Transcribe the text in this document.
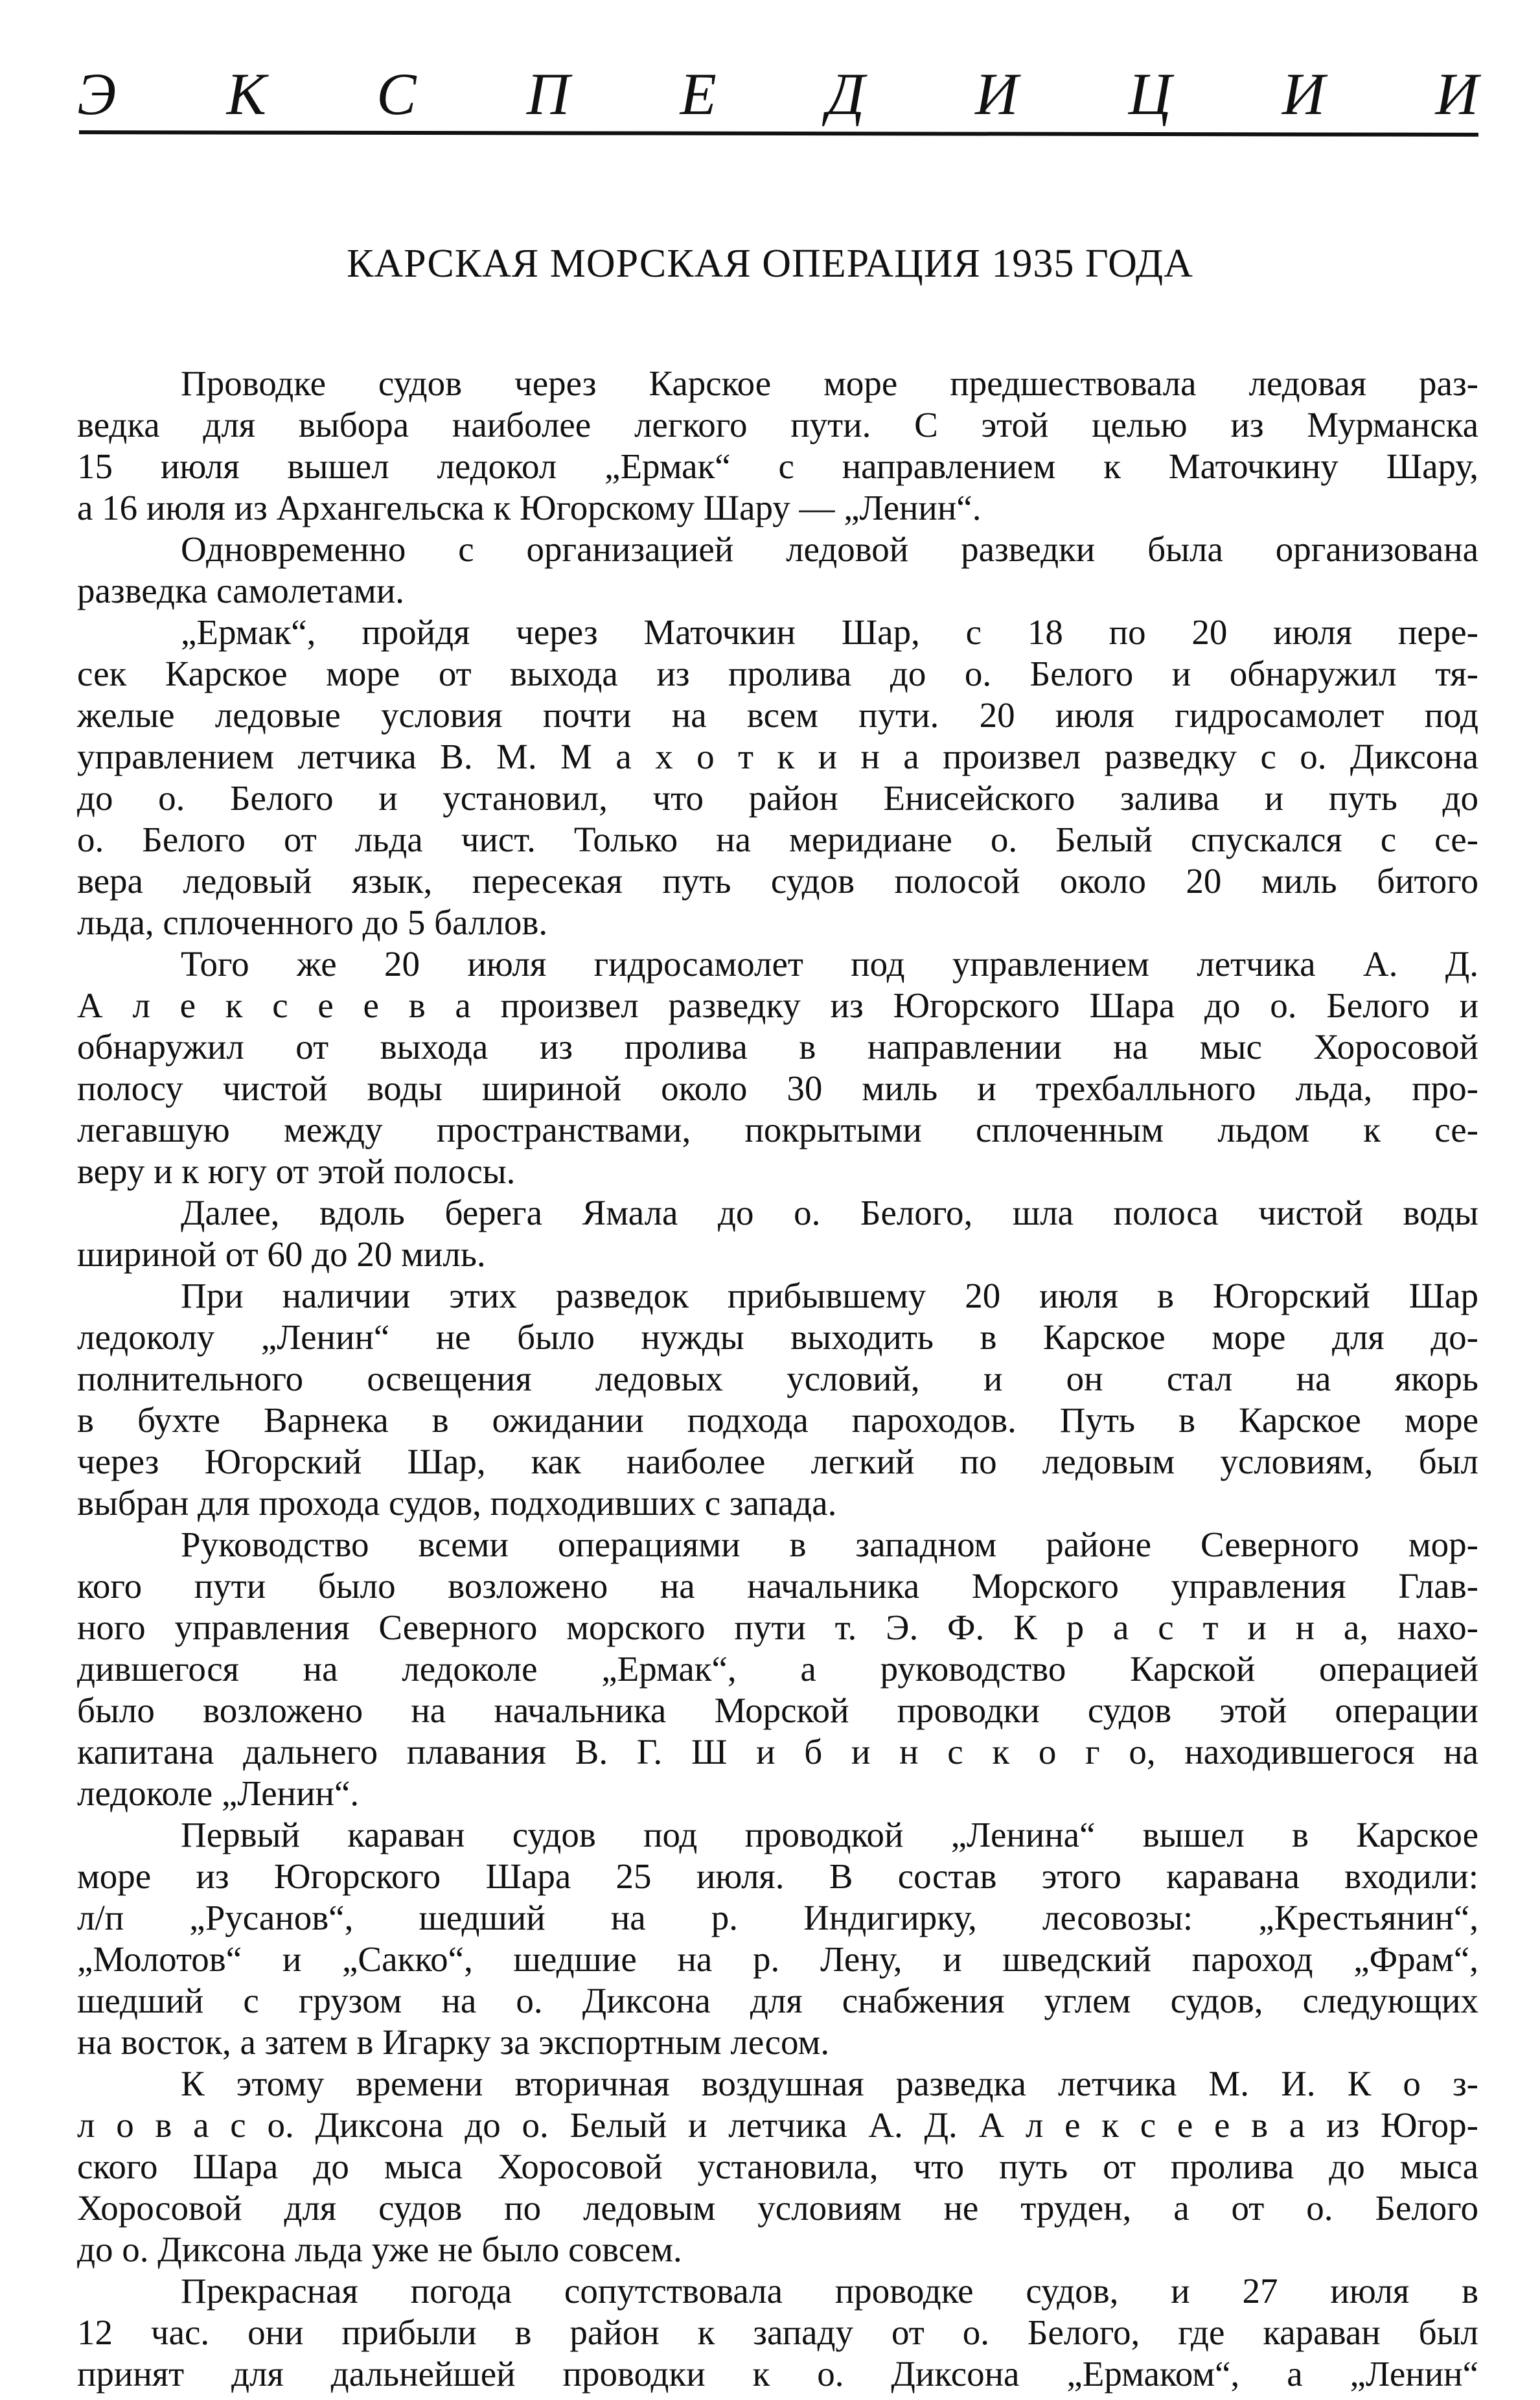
Э К С П Е Д И Ц И И
КАРСКАЯ МОРСКАЯ ОПЕРАЦИЯ 1935 ГОДА
Проводке судов через Карское море предшествовала ледовая раз-
ведка для выбора наиболее легкого пути. С этой целью из Мурманска
15 июля вышел ледокол „Ермак“ с направлением к Маточкину Шару,
а 16 июля из Архангельска к Югорскому Шару — „Ленин“.
Одновременно с организацией ледовой разведки была организована
разведка самолетами.
„Ермак“, пройдя через Маточкин Шар, с 18 по 20 июля пере-
сек Карское море от выхода из пролива до о. Белого и обнаружил тя-
желые ледовые условия почти на всем пути. 20 июля гидросамолет под
управлением летчика В. М. М а х о т к и н а произвел разведку с о. Диксона
до о. Белого и установил, что район Енисейского залива и путь до
о. Белого от льда чист. Только на меридиане о. Белый спускался с се-
вера ледовый язык, пересекая путь судов полосой около 20 миль битого
льда, сплоченного до 5 баллов.
Того же 20 июля гидросамолет под управлением летчика А. Д.
А л е к с е е в а произвел разведку из Югорского Шара до о. Белого и
обнаружил от выхода из пролива в направлении на мыс Хоросовой
полосу чистой воды шириной около 30 миль и трехбалльного льда, про-
легавшую между пространствами, покрытыми сплоченным льдом к се-
веру и к югу от этой полосы.
Далее, вдоль берега Ямала до о. Белого, шла полоса чистой воды
шириной от 60 до 20 миль.
При наличии этих разведок прибывшему 20 июля в Югорский Шар
ледоколу „Ленин“ не было нужды выходить в Карское море для до-
полнительного освещения ледовых условий, и он стал на якорь
в бухте Варнека в ожидании подхода пароходов. Путь в Карское море
через Югорский Шар, как наиболее легкий по ледовым условиям, был
выбран для прохода судов, подходивших с запада.
Руководство всеми операциями в западном районе Северного мор-
кого пути было возложено на начальника Морского управления Глав-
ного управления Северного морского пути т. Э. Ф. К р а с т и н а, нахо-
дившегося на ледоколе „Ермак“, а руководство Карской операцией
было возложено на начальника Морской проводки судов этой операции
капитана дальнего плавания В. Г. Ш и б и н с к о г о, находившегося на
ледоколе „Ленин“.
Первый караван судов под проводкой „Ленина“ вышел в Карское
море из Югорского Шара 25 июля. В состав этого каравана входили:
л/п „Русанов“, шедший на р. Индигирку, лесовозы: „Крестьянин“,
„Молотов“ и „Сакко“, шедшие на р. Лену, и шведский пароход „Фрам“,
шедший с грузом на о. Диксона для снабжения углем судов, следующих
на восток, а затем в Игарку за экспортным лесом.
К этому времени вторичная воздушная разведка летчика М. И. К о з-
л о в а с о. Диксона до о. Белый и летчика А. Д. А л е к с е е в а из Югор-
ского Шара до мыса Хоросовой установила, что путь от пролива до мыса
Хоросовой для судов по ледовым условиям не труден, а от о. Белого
до о. Диксона льда уже не было совсем.
Прекрасная погода сопутствовала проводке судов, и 27 июля в
12 час. они прибыли в район к западу от о. Белого, где караван был
принят для дальнейшей проводки к о. Диксона „Ермаком“, а „Ленин“
